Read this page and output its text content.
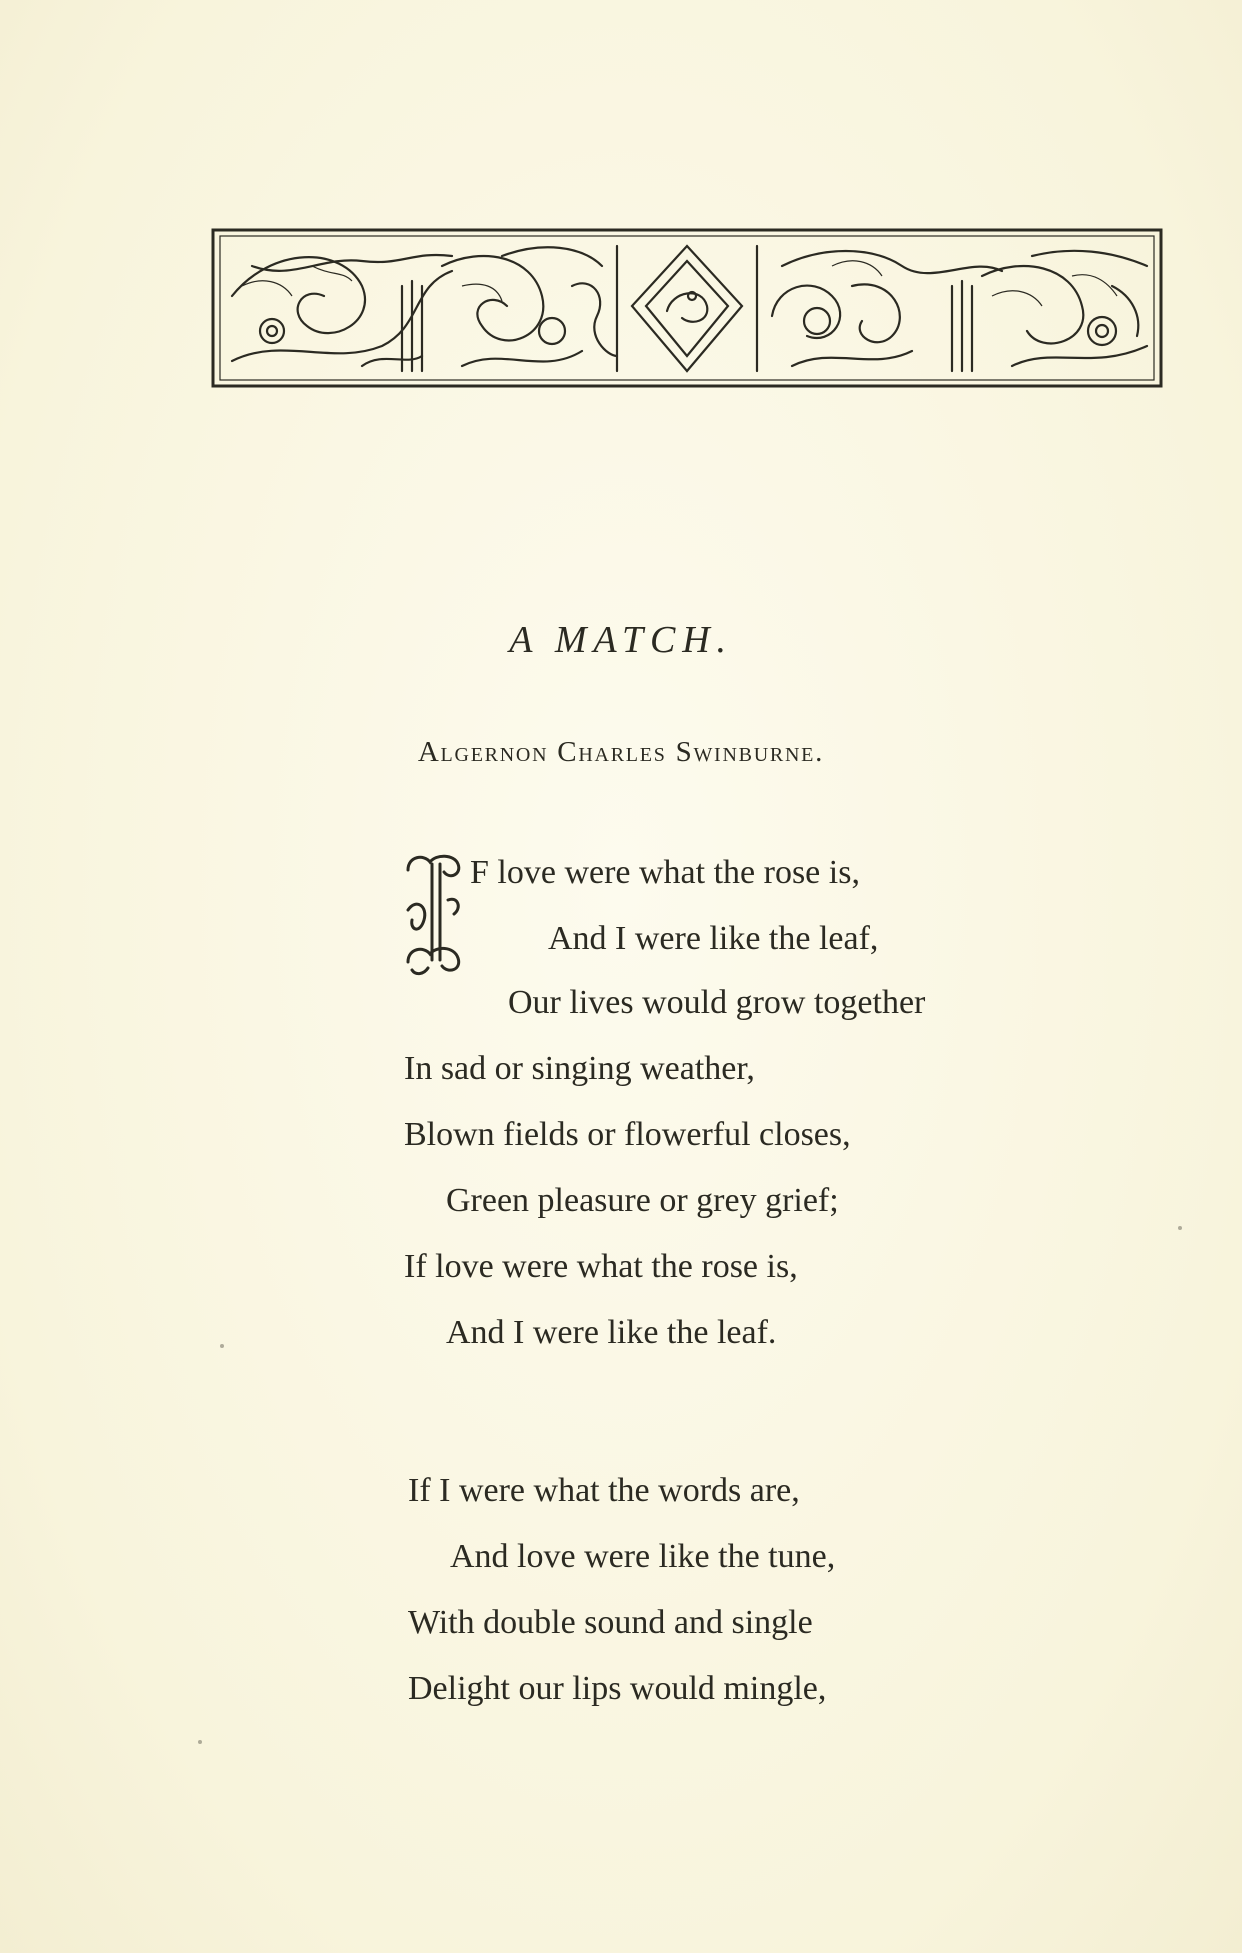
A MATCH.
Algernon Charles Swinburne.
I
F love were what the rose is,
And I were like the leaf,
Our lives would grow together
In sad or singing weather,
Blown fields or flowerful closes,
Green pleasure or grey grief;
If love were what the rose is,
And I were like the leaf.
If I were what the words are,
And love were like the tune,
With double sound and single
Delight our lips would mingle,
